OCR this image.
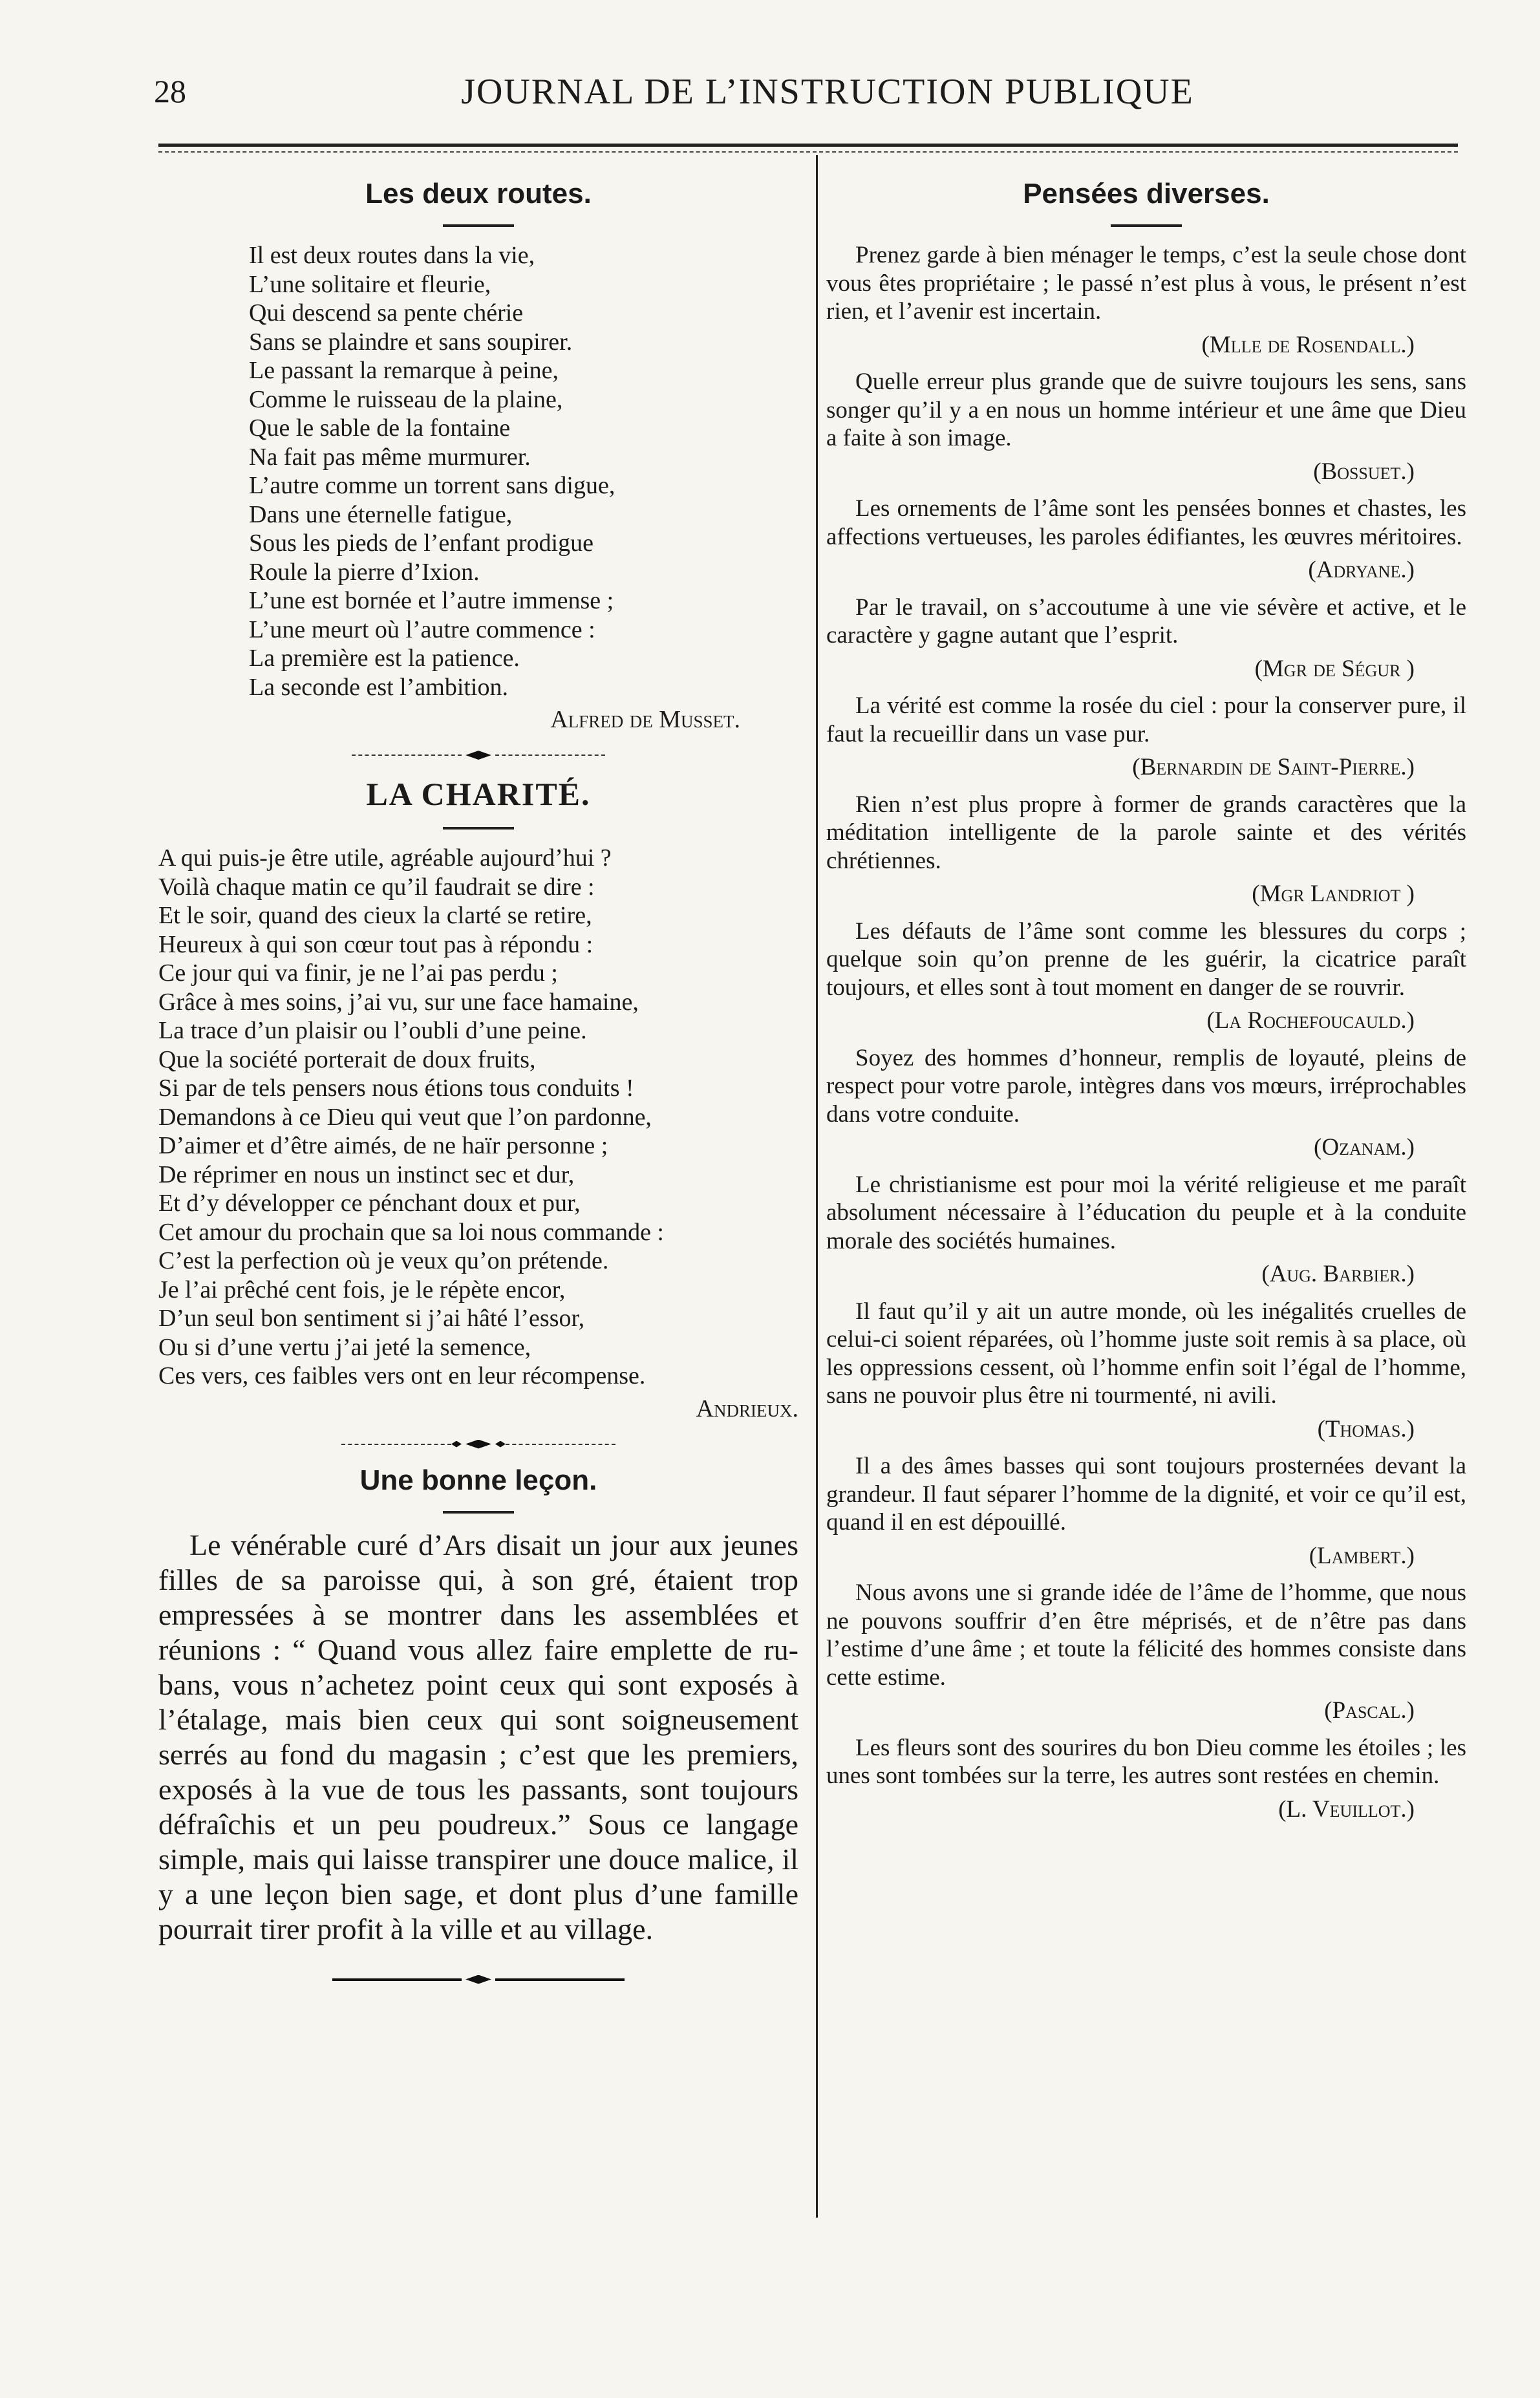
28	JOURNAL DE L’INSTRUCTION PUBLIQUE
Les deux routes.
Il est deux routes dans la vie,
L’une solitaire et fleurie,
Qui descend sa pente chérie
Sans se plaindre et sans soupirer.
Le passant la remarque à peine,
Comme le ruisseau de la plaine,
Que le sable de la fontaine
Na fait pas même murmurer.
L’autre comme un torrent sans digue,
Dans une éternelle fatigue,
Sous les pieds de l’enfant prodigue
Roule la pierre d’Ixion.
L’une est bornée et l’autre immense ;
L’une meurt où l’autre commence :
La première est la patience.
La seconde est l’ambition.
Alfred de Musset.
LA CHARITÉ.
A qui puis-je être utile, agréable aujourd’hui ?
Voilà chaque matin ce qu’il faudrait se dire :
Et le soir, quand des cieux la clarté se retire,
Heureux à qui son cœur tout pas à répondu :
Ce jour qui va finir, je ne l’ai pas perdu ;
Grâce à mes soins, j’ai vu, sur une face hamaine,
La trace d’un plaisir ou l’oubli d’une peine.
Que la société porterait de doux fruits,
Si par de tels pensers nous étions tous conduits !
Demandons à ce Dieu qui veut que l’on pardonne,
D’aimer et d’être aimés, de ne haïr personne ;
De réprimer en nous un instinct sec et dur,
Et d’y développer ce pénchant doux et pur,
Cet amour du prochain que sa loi nous commande :
C’est la perfection où je veux qu’on prétende.
Je l’ai prêché cent fois, je le répète encor,
D’un seul bon sentiment si j’ai hâté l’essor,
Ou si d’une vertu j’ai jeté la semence,
Ces vers, ces faibles vers ont en leur récompense.
Andrieux.
Une bonne leçon.

Le vénérable curé d’Ars disait un jour aux jeunes filles de sa paroisse qui, à son gré, étaient trop empressées à se montrer dans les assemblées et réunions : “ Quand vous allez faire emplette de rubans, vous n’achetez point ceux qui sont exposés à l’étalage, mais bien ceux qui sont soigneusement serrés au fond du magasin ; c’est que les premiers, exposés à la vue de tous les passants, sont toujours défraîchis et un peu poudreux.” Sous ce langage simple, mais qui laisse transpirer une douce malice, il y a une leçon bien sage, et dont plus d’une famille pourrait tirer profit à la ville et au village.

Pensées diverses.

Prenez garde à bien ménager le temps, c’est la seule chose dont vous êtes propriétaire ; le passé n’est plus à vous, le présent n’est rien, et l’avenir est incertain.

(Mlle de Rosendall.)

Quelle erreur plus grande que de suivre toujours les sens, sans songer qu’il y a en nous un homme intérieur et une âme que Dieu a faite à son image.

(Bossuet.)

Les ornements de l’âme sont les pensées bonnes et chastes, les affections vertueuses, les paroles édifiantes, les œuvres méritoires.

(Adryane.)

Par le travail, on s’accoutume à une vie sévère et active, et le caractère y gagne autant que l’esprit.

(Mgr de Ségur )

La vérité est comme la rosée du ciel : pour la conserver pure, il faut la recueillir dans un vase pur.

(Bernardin de Saint-Pierre.)

Rien n’est plus propre à former de grands caractères que la méditation intelligente de la parole sainte et des vérités chrétiennes.

(Mgr Landriot )

Les défauts de l’âme sont comme les blessures du corps ; quelque soin qu’on prenne de les guérir, la cicatrice paraît toujours, et elles sont à tout moment en danger de se rouvrir.

(La Rochefoucauld.)

Soyez des hommes d’honneur, remplis de loyauté, pleins de respect pour votre parole, intègres dans vos mœurs, irréprochables dans votre conduite.

(Ozanam.)

Le christianisme est pour moi la vérité religieuse et me paraît absolument nécessaire à l’éducation du peuple et à la conduite morale des sociétés humaines.

(Aug. Barbier.)

Il faut qu’il y ait un autre monde, où les inégalités cruelles de celui-ci soient réparées, où l’homme juste soit remis à sa place, où les oppressions cessent, où l’homme enfin soit l’égal de l’homme, sans ne pouvoir plus être ni tourmenté, ni avili.

(Thomas.)

Il a des âmes basses qui sont toujours prosternées devant la grandeur. Il faut séparer l’homme de la dignité, et voir ce qu’il est, quand il en est dépouillé.

(Lambert.)

Nous avons une si grande idée de l’âme de l’homme, que nous ne pouvons souffrir d’en être méprisés, et de n’être pas dans l’estime d’une âme ; et toute la félicité des hommes consiste dans cette estime.

(Pascal.)

Les fleurs sont des sourires du bon Dieu comme les étoiles ; les unes sont tombées sur la terre, les autres sont restées en chemin.

(L. Veuillot.)
